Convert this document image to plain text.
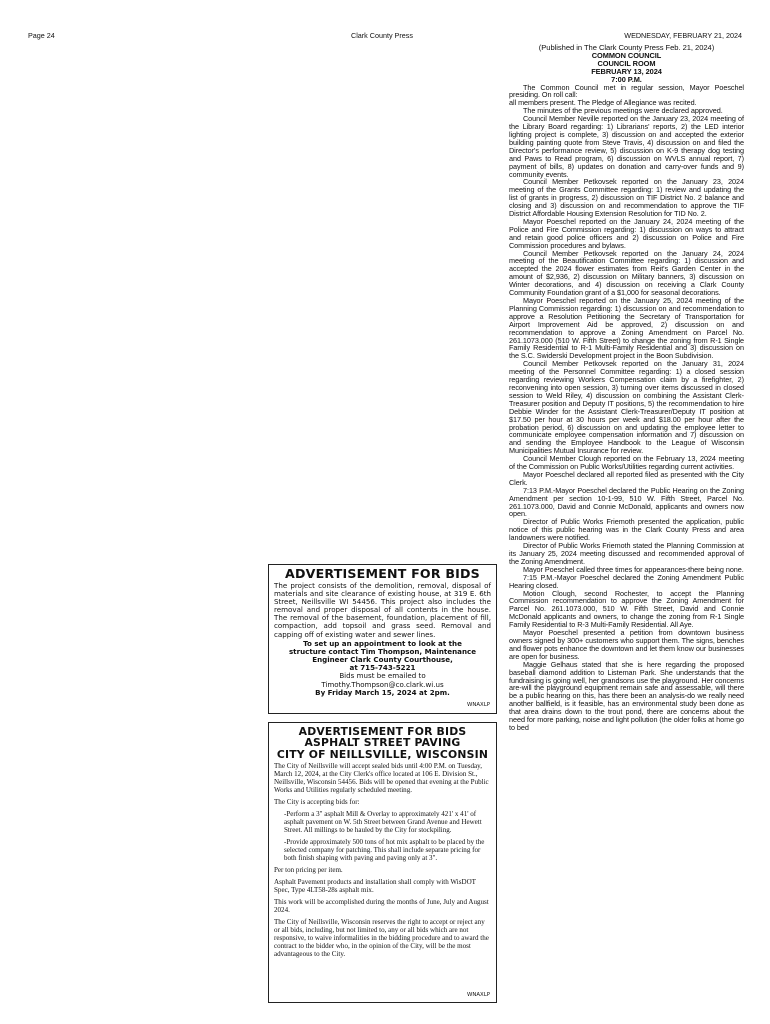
Page 24	Clark County Press	WEDNESDAY, FEBRUARY 21, 2024
(Published in The Clark County Press Feb. 21, 2024)
COMMON COUNCIL
COUNCIL ROOM
FEBRUARY 13, 2024
7:00 P.M.

The Common Council met in regular session, Mayor Poeschel presiding. On roll call:

all members present. The Pledge of Allegiance was recited.

The minutes of the previous meetings were declared approved.

Council Member Neville reported on the January 23, 2024 meeting of the Library Board regarding: 1) Librarians' reports, 2) the LED interior lighting project is complete, 3) discussion on and accepted the exterior building painting quote from Steve Travis, 4) discussion on and filed the Director's performance review, 5) discussion on K-9 therapy dog testing and Paws to Read program, 6) discussion on WVLS annual report, 7) payment of bills, 8) updates on donation and carry-over funds and 9) community events.

Council Member Petkovsek reported on the January 23, 2024 meeting of the Grants Committee regarding: 1) review and updating the list of grants in progress, 2) discussion on TIF District No. 2 balance and closing and 3) discussion on and recommendation to approve the TIF District Affordable Housing Extension Resolution for TID No. 2.

Mayor Poeschel reported on the January 24, 2024 meeting of the Police and Fire Commission regarding: 1) discussion on ways to attract and retain good police officers and 2) discussion on Police and Fire Commission procedures and bylaws.

Council Member Petkovsek reported on the January 24, 2024 meeting of the Beautification Committee regarding: 1) discussion and accepted the 2024 flower estimates from Reit's Garden Center in the amount of $2,936, 2) discussion on Military banners, 3) discussion on Winter decorations, and 4) discussion on receiving a Clark County Community Foundation grant of a $1,000 for seasonal decorations.

Mayor Poeschel reported on the January 25, 2024 meeting of the Planning Commission regarding: 1) discussion on and recommendation to approve a Resolution Petitioning the Secretary of Transportation for Airport Improvement Aid be approved, 2) discussion on and recommendation to approve a Zoning Amendment on Parcel No. 261.1073.000 (510 W. Fifth Street) to change the zoning from R-1 Single Family Residential to R-1 Multi-Family Residential and 3) discussion on the S.C. Swiderski Development project in the Boon Subdivision.

Council Member Petkovsek reported on the January 31, 2024 meeting of the Personnel Committee regarding: 1) a closed session regarding reviewing Workers Compensation claim by a firefighter, 2) reconvening into open session, 3) turning over items discussed in closed session to Weld Riley, 4) discussion on combining the Assistant Clerk-Treasurer position and Deputy IT positions, 5) the recommendation to hire Debbie Winder for the Assistant Clerk-Treasurer/Deputy IT position at $17.50 per hour at 30 hours per week and $18.00 per hour after the probation period, 6) discussion on and updating the employee letter to communicate employee compensation information and 7) discussion on and sending the Employee Handbook to the League of Wisconsin Municipalities Mutual Insurance for review.

Council Member Clough reported on the February 13, 2024 meeting of the Commission on Public Works/Utilities regarding current activities.

Mayor Poeschel declared all reported filed as presented with the City Clerk.

7:13 P.M.-Mayor Poeschel declared the Public Hearing on the Zoning Amendment per section 10-1-99, 510 W. Fifth Street, Parcel No. 261.1073.000, David and Connie McDonald, applicants and owners now open.

Director of Public Works Friemoth presented the application, public notice of this public hearing was in the Clark County Press and area landowners were notified.

Director of Public Works Friemoth stated the Planning Commission at its January 25, 2024 meeting discussed and recommended approval of the Zoning Amendment.

Mayor Poeschel called three times for appearances-there being none.

7:15 P.M.-Mayor Poeschel declared the Zoning Amendment Public Hearing closed.

Motion Clough, second Rochester, to accept the Planning Commission recommendation to approve the Zoning Amendment for Parcel No. 261.1073.000, 510 W. Fifth Street, David and Connie McDonald applicants and owners, to change the zoning from R-1 Single Family Residential to R-3 Multi-Family Residential. All Aye.

Mayor Poeschel presented a petition from downtown business owners signed by 300+ customers who support them. The signs, benches and flower pots enhance the downtown and let them know our businesses are open for business.

Maggie Gelhaus stated that she is here regarding the proposed baseball diamond addition to Listeman Park. She understands that the fundraising is going well, her grandsons use the playground. Her concerns are-will the playground equipment remain safe and assessable, will there be a public hearing on this, has there been an analysis-do we really need another ballfield, is it feasible, has an environmental study been done as that area drains down to the trout pond, there are concerns about the need for more parking, noise and light pollution (the older folks at home go to bed

ADVERTISEMENT FOR BIDS
The project consists of the demolition, removal, disposal of materials and site clearance of existing house, at 319 E. 6th Street, Neillsville WI 54456. This project also includes the removal and proper disposal of all contents in the house. The removal of the basement, foundation, placement of fill, compaction, add topsoil and grass seed. Removal and capping off of existing water and sewer lines.
To set up an appointment to look at the
structure contact Tim Thompson, Maintenance
Engineer Clark County Courthouse,
at 715-743-5221
Bids must be emailed to
Timothy.Thompson@co.clark.wi.us
By Friday March 15, 2024 at 2pm.
WNAXLP
ADVERTISEMENT FOR BIDS
ASPHALT STREET PAVING
CITY OF NEILLSVILLE, WISCONSIN

The City of Neillsville will accept sealed bids until 4:00 P.M. on Tuesday, March 12, 2024, at the City Clerk's office located at 106 E. Division St., Neillsville, Wisconsin 54456. Bids will be opened that evening at the Public Works and Utilities regularly scheduled meeting.

The City is accepting bids for:

-Perform a 3" asphalt Mill & Overlay to approximately 421' x 41' of asphalt pavement on W. 5th Street between Grand Avenue and Hewett Street. All millings to be hauled by the City for stockpiling.

-Provide approximately 500 tons of hot mix asphalt to be placed by the selected company for patching. This shall include separate pricing for both finish shaping with paving and paving only at 3".

Per ton pricing per item.

Asphalt Pavement products and installation shall comply with WisDOT Spec, Type 4LT58-28s asphalt mix.

This work will be accomplished during the months of June, July and August 2024.

The City of Neillsville, Wisconsin reserves the right to accept or reject any or all bids, including, but not limited to, any or all bids which are not responsive, to waive informalities in the bidding procedure and to award the contract to the bidder who, in the opinion of the City, will be the most advantageous to the City.

WNAXLP
